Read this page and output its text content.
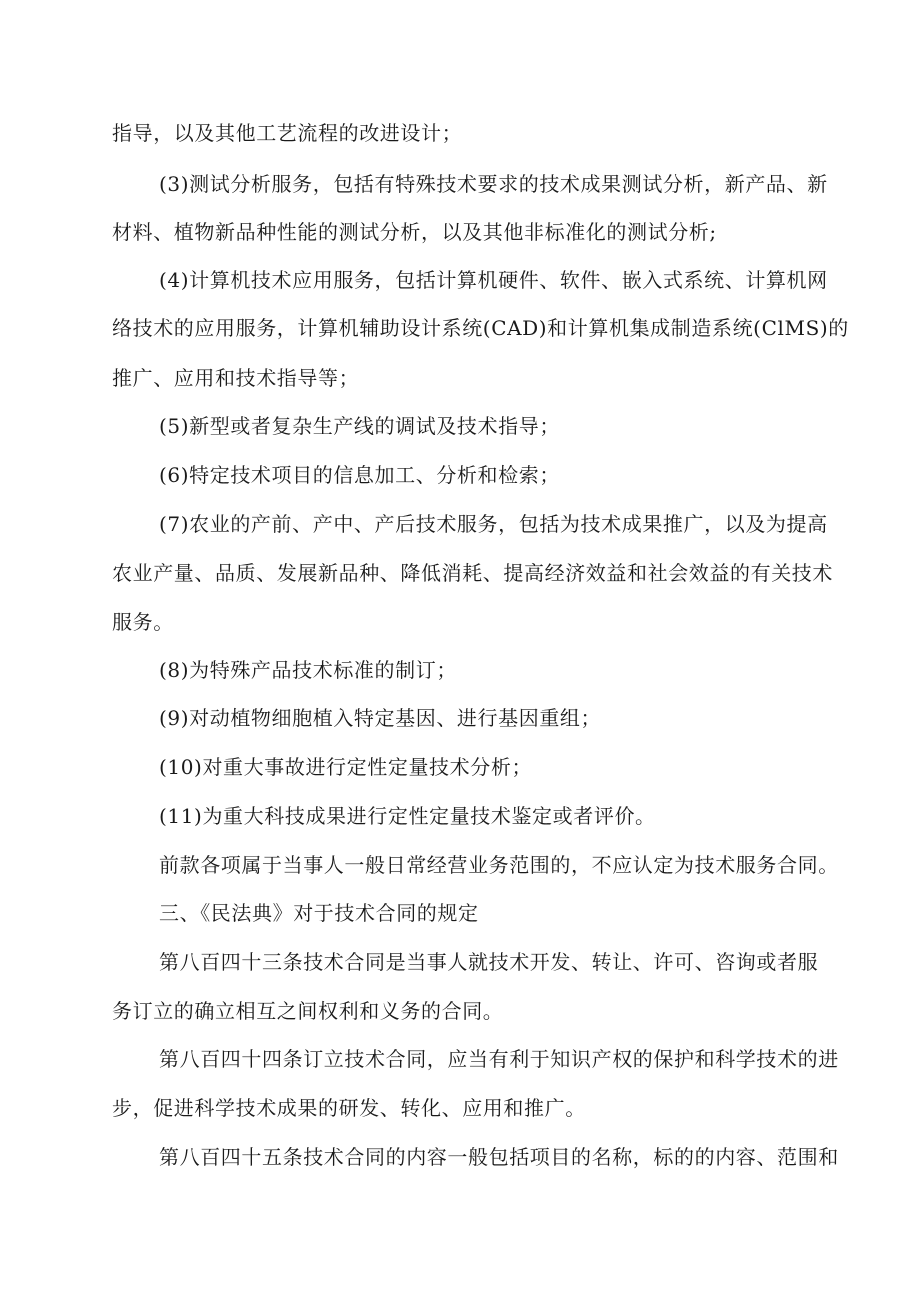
指导，以及其他工艺流程的改进设计；
(3)测试分析服务，包括有特殊技术要求的技术成果测试分析，新产品、新
材料、植物新品种性能的测试分析，以及其他非标准化的测试分析;
(4)计算机技术应用服务，包括计算机硬件、软件、嵌入式系统、计算机网
络技术的应用服务，计算机辅助设计系统(CAD)和计算机集成制造系统(ClMS)的
推广、应用和技术指导等；
(5)新型或者复杂生产线的调试及技术指导；
(6)特定技术项目的信息加工、分析和检索；
(7)农业的产前、产中、产后技术服务，包括为技术成果推广，以及为提高
农业产量、品质、发展新品种、降低消耗、提高经济效益和社会效益的有关技术
服务。
(8)为特殊产品技术标准的制订；
(9)对动植物细胞植入特定基因、进行基因重组；
(10)对重大事故进行定性定量技术分析；
(11)为重大科技成果进行定性定量技术鉴定或者评价。
前款各项属于当事人一般日常经营业务范围的，不应认定为技术服务合同。
三、《民法典》对于技术合同的规定
第八百四十三条技术合同是当事人就技术开发、转让、许可、咨询或者服
务订立的确立相互之间权利和义务的合同。
第八百四十四条订立技术合同，应当有利于知识产权的保护和科学技术的进
步，促进科学技术成果的研发、转化、应用和推广。
第八百四十五条技术合同的内容一般包括项目的名称，标的的内容、范围和
